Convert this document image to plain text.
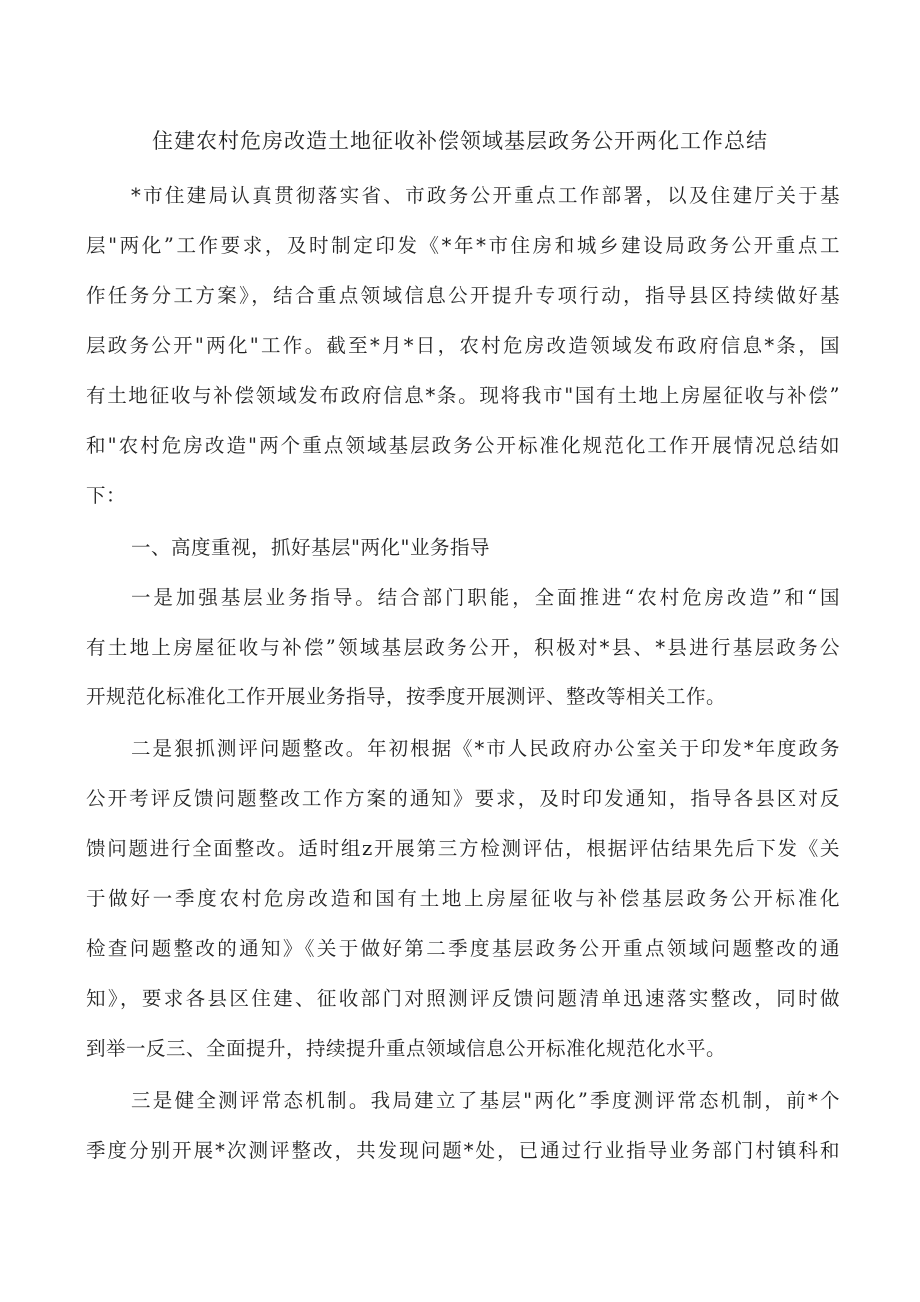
住建农村危房改造土地征收补偿领域基层政务公开两化工作总结
*市住建局认真贯彻落实省、市政务公开重点工作部署，以及住建厅关于基
层"两化”工作要求，及时制定印发《*年*市住房和城乡建设局政务公开重点工
作任务分工方案》，结合重点领域信息公开提升专项行动，指导县区持续做好基
层政务公开"两化"工作。截至*月*日，农村危房改造领域发布政府信息*条，国
有土地征收与补偿领域发布政府信息*条。现将我市"国有土地上房屋征收与补偿”
和"农村危房改造"两个重点领域基层政务公开标准化规范化工作开展情况总结如
下：
一、高度重视，抓好基层"两化"业务指导
一是加强基层业务指导。结合部门职能，全面推进“农村危房改造”和“国
有土地上房屋征收与补偿”领域基层政务公开，积极对*县、*县进行基层政务公
开规范化标准化工作开展业务指导，按季度开展测评、整改等相关工作。
二是狠抓测评问题整改。年初根据《*市人民政府办公室关于印发*年度政务
公开考评反馈问题整改工作方案的通知》要求，及时印发通知，指导各县区对反
馈问题进行全面整改。适时组z开展第三方检测评估，根据评估结果先后下发《关
于做好一季度农村危房改造和国有土地上房屋征收与补偿基层政务公开标准化
检查问题整改的通知》《关于做好第二季度基层政务公开重点领域问题整改的通
知》，要求各县区住建、征收部门对照测评反馈问题清单迅速落实整改，同时做
到举一反三、全面提升，持续提升重点领域信息公开标准化规范化水平。
三是健全测评常态机制。我局建立了基层"两化”季度测评常态机制，前*个
季度分别开展*次测评整改，共发现问题*处，已通过行业指导业务部门村镇科和
